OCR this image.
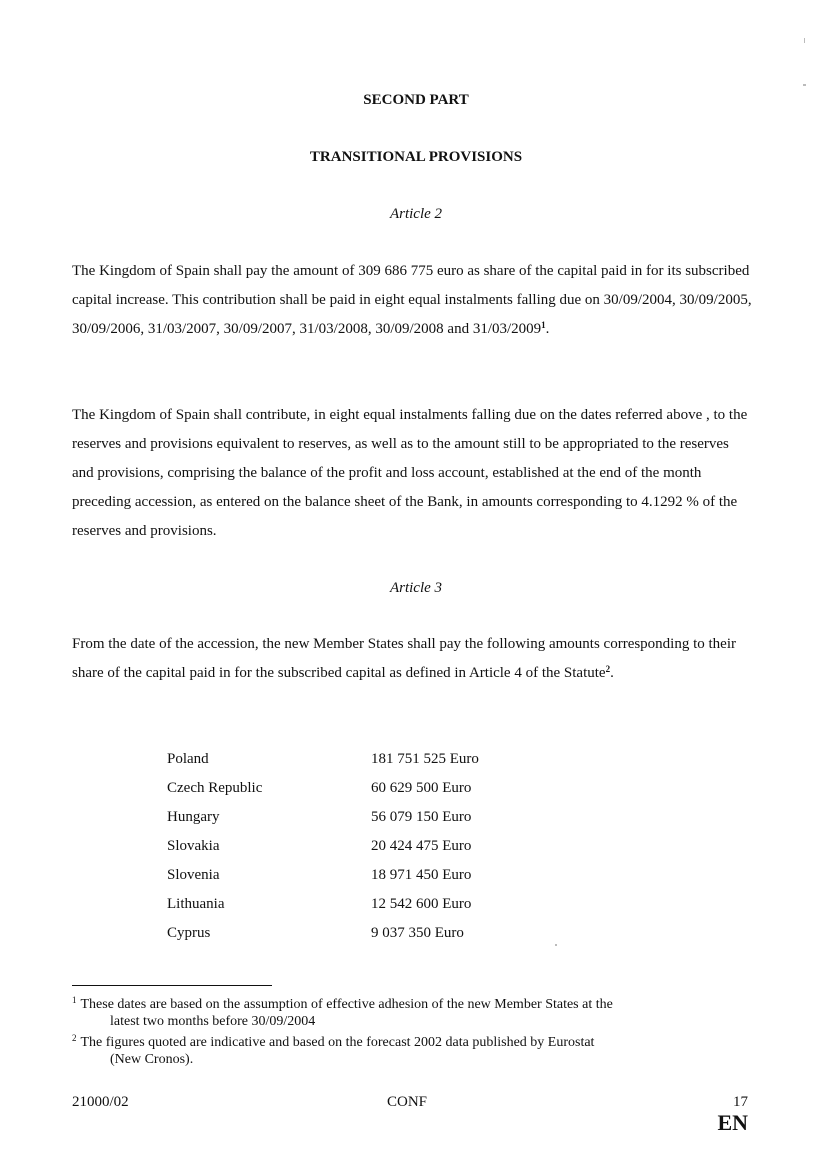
SECOND PART
TRANSITIONAL PROVISIONS
Article 2

The Kingdom of Spain shall pay the amount of 309 686 775 euro as share of the capital paid in for its subscribed capital increase. This contribution shall be paid in eight equal instalments falling due on 30/09/2004, 30/09/2005, 30/09/2006, 31/03/2007, 30/09/2007, 31/03/2008, 30/09/2008 and 31/03/2009$^1$.

The Kingdom of Spain shall contribute, in eight equal instalments falling due on the dates referred above , to the reserves and provisions equivalent to reserves, as well as to the amount still to be appropriated to the reserves and provisions, comprising the balance of the profit and loss account, established at the end of the month preceding accession, as entered on the balance sheet of the Bank, in amounts corresponding to 4.1292 % of the reserves and provisions.

Article 3

From the date of the accession, the new Member States shall pay the following amounts corresponding to their share of the capital paid in for the subscribed capital as defined in Article 4 of the Statute$^2$.

Poland	181 751 525 Euro
Czech Republic	60 629 500 Euro
Hungary	56 079 150 Euro
Slovakia	20 424 475 Euro
Slovenia	18 971 450 Euro
Lithuania	12 542 600 Euro
Cyprus	9 037 350 Euro

$^1$ These dates are based on the assumption of effective adhesion of the new Member States at the
latest two months before 30/09/2004

$^2$ The figures quoted are indicative and based on the forecast 2002 data published by Eurostat
(New Cronos).

21000/02	CONF	17
EN
